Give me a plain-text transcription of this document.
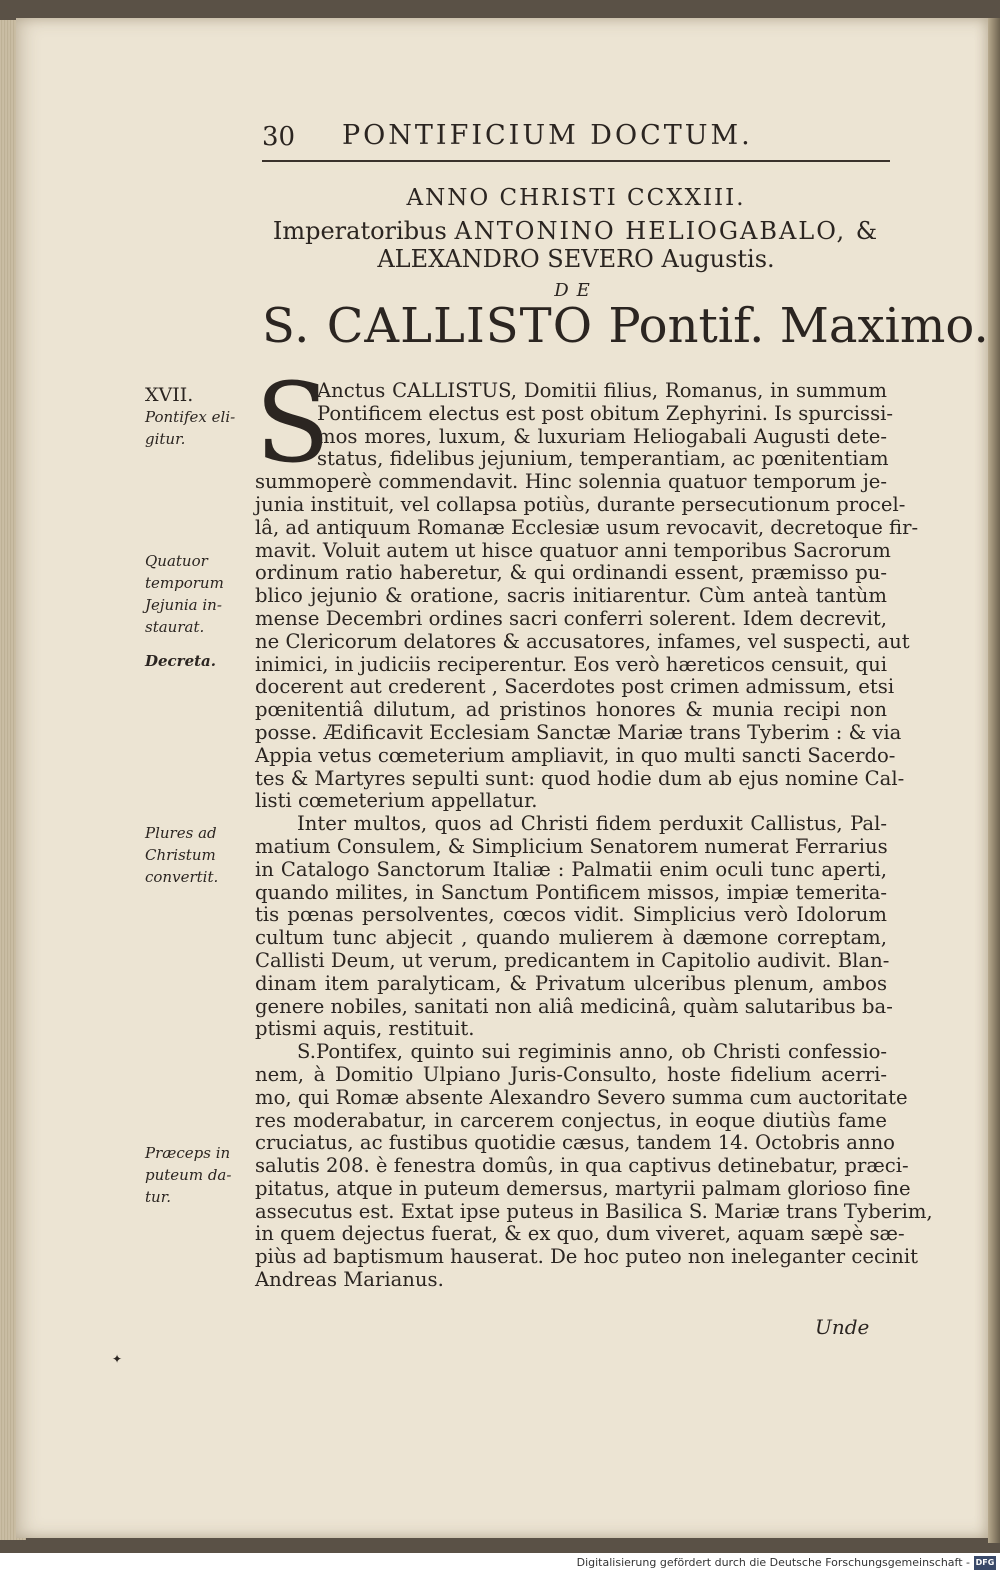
30 PONTIFICIUM DOCTUM.
ANNO CHRISTI CCXXIII.
Imperatoribus ANTONINO HELIOGABALO, &
ALEXANDRO SEVERO Augustis.
DE
S. CALLISTO Pontif. Maximo.
XVII.
Pontifex eli-
gitur.
Quatuor
temporum
Jejunia in-
staurat.
Decreta.
Plures ad
Christum
convertit.
Præceps in
puteum da-
tur.
S
Anctus CALLISTUS, Domitii filius, Romanus, in summum
Pontificem electus est post obitum Zephyrini. Is spurcissi-
mos mores, luxum, & luxuriam Heliogabali Augusti dete-
status, fidelibus jejunium, temperantiam, ac pœnitentiam
summoperè commendavit. Hinc solennia quatuor temporum je-
junia instituit, vel collapsa potiùs, durante persecutionum procel-
lâ, ad antiquum Romanæ Ecclesiæ usum revocavit, decretoque fir-
mavit. Voluit autem ut hisce quatuor anni temporibus Sacrorum
ordinum ratio haberetur, & qui ordinandi essent, præmisso pu-
blico jejunio & oratione, sacris initiarentur. Cùm anteà tantùm
mense Decembri ordines sacri conferri solerent. Idem decrevit,
ne Clericorum delatores & accusatores, infames, vel suspecti, aut
inimici, in judiciis reciperentur. Eos verò hæreticos censuit, qui
docerent aut crederent , Sacerdotes post crimen admissum, etsi
pœnitentiâ dilutum, ad pristinos honores & munia recipi non
posse. Ædificavit Ecclesiam Sanctæ Mariæ trans Tyberim : & via
Appia vetus cœmeterium ampliavit, in quo multi sancti Sacerdo-
tes & Martyres sepulti sunt: quod hodie dum ab ejus nomine Cal-
listi cœmeterium appellatur.
Inter multos, quos ad Christi fidem perduxit Callistus, Pal-
matium Consulem, & Simplicium Senatorem numerat Ferrarius
in Catalogo Sanctorum Italiæ : Palmatii enim oculi tunc aperti,
quando milites, in Sanctum Pontificem missos, impiæ temerita-
tis pœnas persolventes, cœcos vidit. Simplicius verò Idolorum
cultum tunc abjecit , quando mulierem à dæmone correptam,
Callisti Deum, ut verum, predicantem in Capitolio audivit. Blan-
dinam item paralyticam, & Privatum ulceribus plenum, ambos
genere nobiles, sanitati non aliâ medicinâ, quàm salutaribus ba-
ptismi aquis, restituit.
S.Pontifex, quinto sui regiminis anno, ob Christi confessio-
nem, à Domitio Ulpiano Juris-Consulto, hoste fidelium acerri-
mo, qui Romæ absente Alexandro Severo summa cum auctoritate
res moderabatur, in carcerem conjectus, in eoque diutiùs fame
cruciatus, ac fustibus quotidie cæsus, tandem 14. Octobris anno
salutis 208. è fenestra domûs, in qua captivus detinebatur, præci-
pitatus, atque in puteum demersus, martyrii palmam glorioso fine
assecutus est. Extat ipse puteus in Basilica S. Mariæ trans Tyberim,
in quem dejectus fuerat, & ex quo, dum viveret, aquam sæpè sæ-
piùs ad baptismum hauserat. De hoc puteo non ineleganter cecinit
Andreas Marianus.
Unde
✦
Digitalisierung gefördert durch die Deutsche Forschungsgemeinschaft - DFG
